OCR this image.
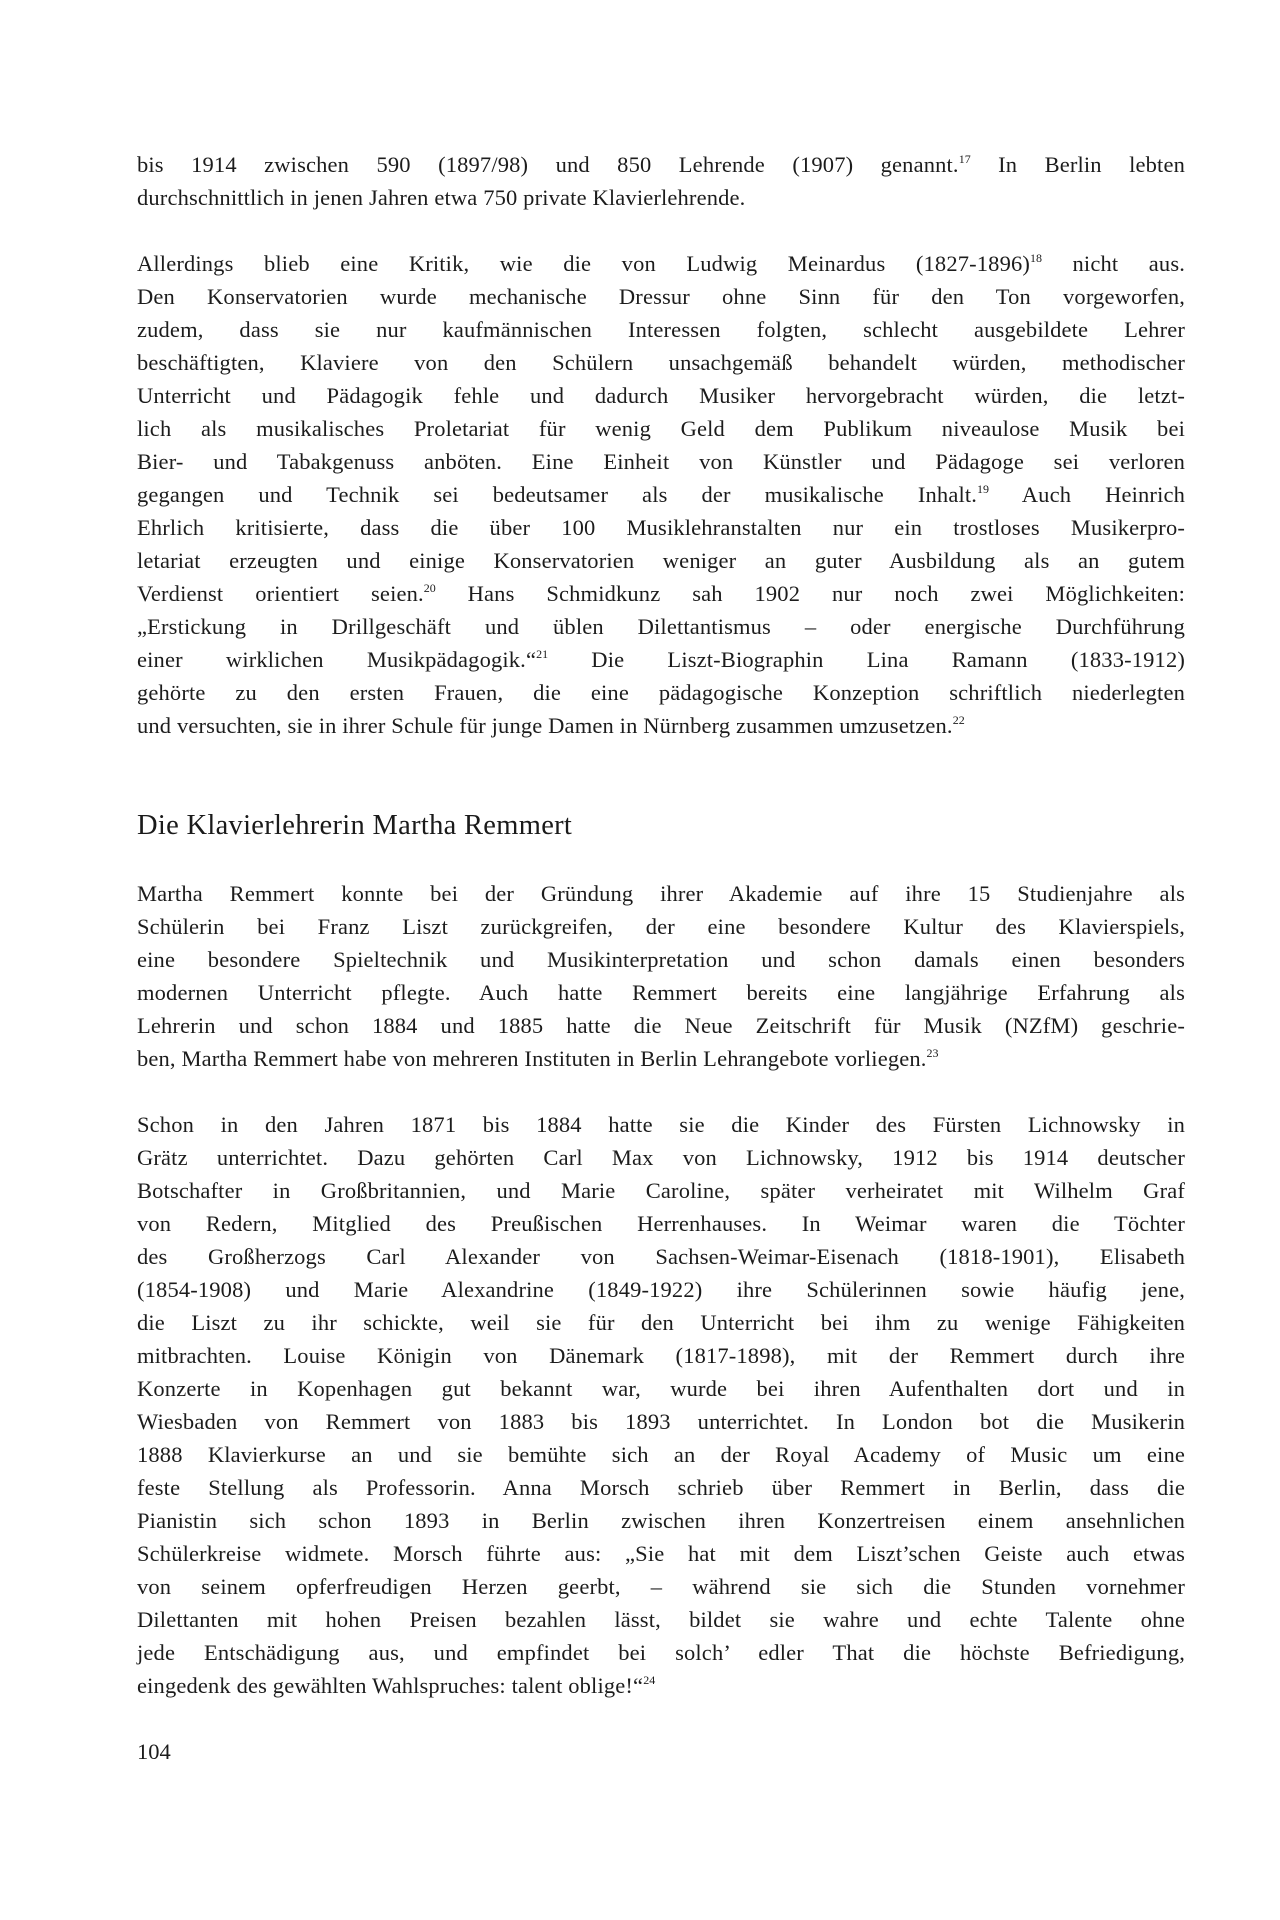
bis 1914 zwischen 590 (1897/98) und 850 Lehrende (1907) genannt.$^{17}$ In Berlin lebten
durchschnittlich in jenen Jahren etwa 750 private Klavierlehrende.
Allerdings blieb eine Kritik, wie die von Ludwig Meinardus (1827-1896)$^{18}$ nicht aus.
Den Konservatorien wurde mechanische Dressur ohne Sinn für den Ton vorgeworfen,
zudem, dass sie nur kaufmännischen Interessen folgten, schlecht ausgebildete Lehrer
beschäftigten, Klaviere von den Schülern unsachgemäß behandelt würden, methodischer
Unterricht und Pädagogik fehle und dadurch Musiker hervorgebracht würden, die letzt-
lich als musikalisches Proletariat für wenig Geld dem Publikum niveaulose Musik bei
Bier- und Tabakgenuss anböten. Eine Einheit von Künstler und Pädagoge sei verloren
gegangen und Technik sei bedeutsamer als der musikalische Inhalt.$^{19}$ Auch Heinrich
Ehrlich kritisierte, dass die über 100 Musiklehranstalten nur ein trostloses Musikerpro-
letariat erzeugten und einige Konservatorien weniger an guter Ausbildung als an gutem
Verdienst orientiert seien.$^{20}$ Hans Schmidkunz sah 1902 nur noch zwei Möglichkeiten:
„Erstickung in Drillgeschäft und üblen Dilettantismus – oder energische Durchführung
einer wirklichen Musikpädagogik.“$^{21}$ Die Liszt-Biographin Lina Ramann (1833-1912)
gehörte zu den ersten Frauen, die eine pädagogische Konzeption schriftlich niederlegten
und versuchten, sie in ihrer Schule für junge Damen in Nürnberg zusammen umzusetzen.$^{22}$
Martha Remmert konnte bei der Gründung ihrer Akademie auf ihre 15 Studienjahre als
Schülerin bei Franz Liszt zurückgreifen, der eine besondere Kultur des Klavierspiels,
eine besondere Spieltechnik und Musikinterpretation und schon damals einen besonders
modernen Unterricht pflegte. Auch hatte Remmert bereits eine langjährige Erfahrung als
Lehrerin und schon 1884 und 1885 hatte die Neue Zeitschrift für Musik (NZfM) geschrie-
ben, Martha Remmert habe von mehreren Instituten in Berlin Lehrangebote vorliegen.$^{23}$
Schon in den Jahren 1871 bis 1884 hatte sie die Kinder des Fürsten Lichnowsky in
Grätz unterrichtet. Dazu gehörten Carl Max von Lichnowsky, 1912 bis 1914 deutscher
Botschafter in Großbritannien, und Marie Caroline, später verheiratet mit Wilhelm Graf
von Redern, Mitglied des Preußischen Herrenhauses. In Weimar waren die Töchter
des Großherzogs Carl Alexander von Sachsen-Weimar-Eisenach (1818-1901), Elisabeth
(1854-1908) und Marie Alexandrine (1849-1922) ihre Schülerinnen sowie häufig jene,
die Liszt zu ihr schickte, weil sie für den Unterricht bei ihm zu wenige Fähigkeiten
mitbrachten. Louise Königin von Dänemark (1817-1898), mit der Remmert durch ihre
Konzerte in Kopenhagen gut bekannt war, wurde bei ihren Aufenthalten dort und in
Wiesbaden von Remmert von 1883 bis 1893 unterrichtet. In London bot die Musikerin
1888 Klavierkurse an und sie bemühte sich an der Royal Academy of Music um eine
feste Stellung als Professorin. Anna Morsch schrieb über Remmert in Berlin, dass die
Pianistin sich schon 1893 in Berlin zwischen ihren Konzertreisen einem ansehnlichen
Schülerkreise widmete. Morsch führte aus: „Sie hat mit dem Liszt’schen Geiste auch etwas
von seinem opferfreudigen Herzen geerbt, – während sie sich die Stunden vornehmer
Dilettanten mit hohen Preisen bezahlen lässt, bildet sie wahre und echte Talente ohne
jede Entschädigung aus, und empfindet bei solch’ edler That die höchste Befriedigung,
eingedenk des gewählten Wahlspruches: talent oblige!“$^{24}$
Die Klavierlehrerin Martha Remmert
104
